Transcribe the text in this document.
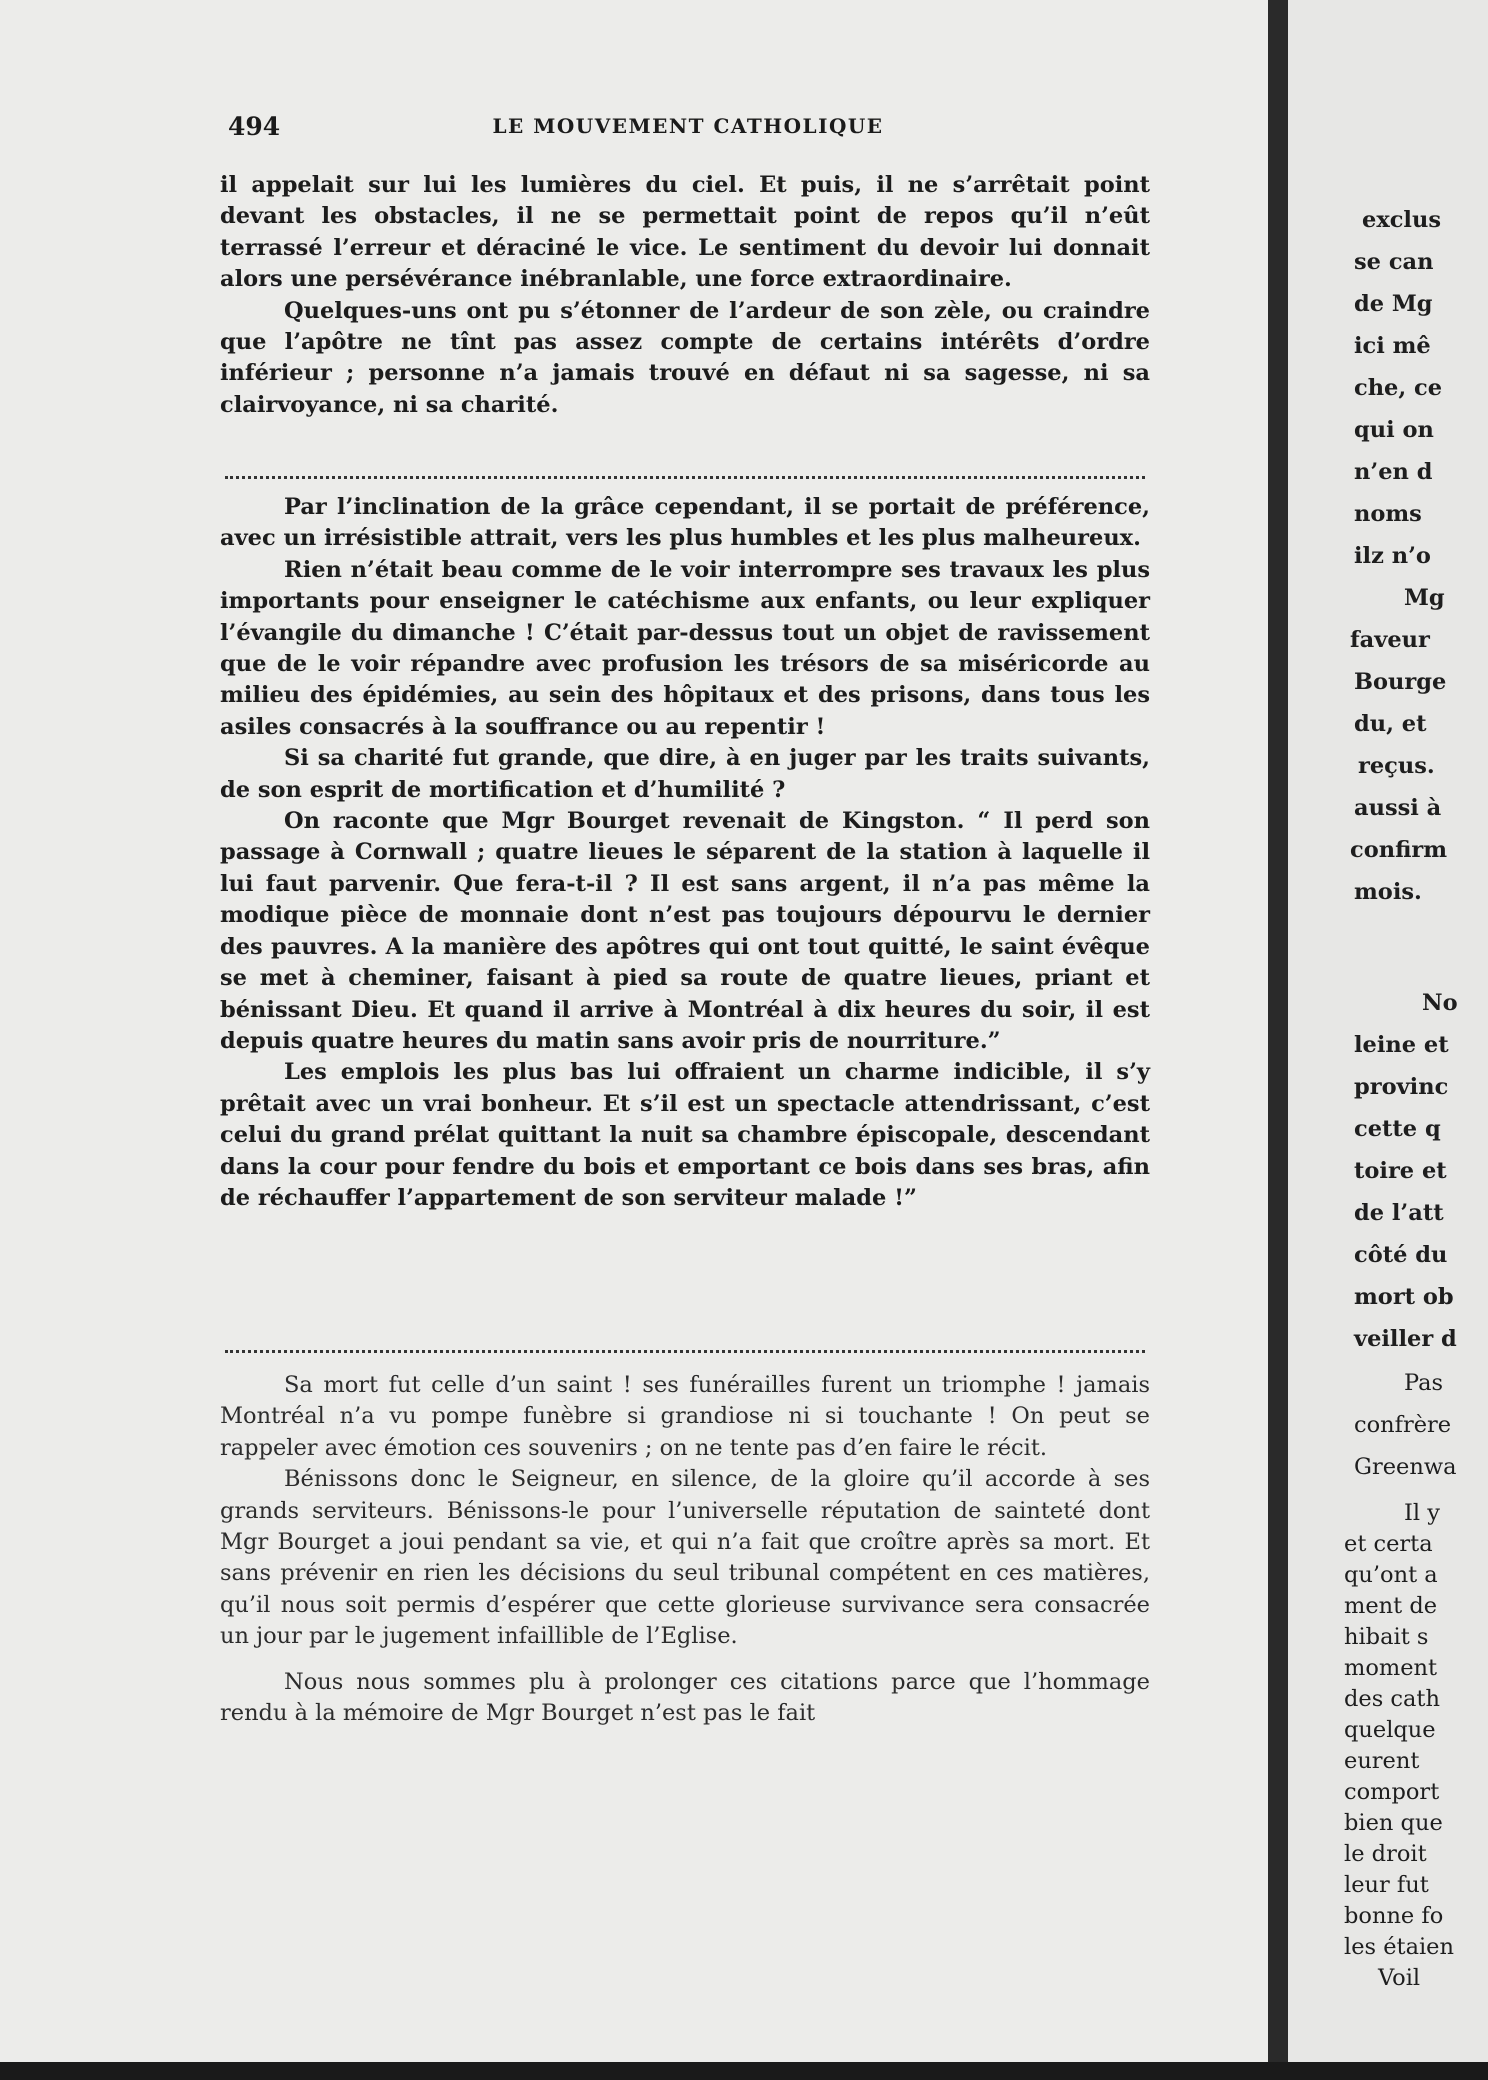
494	LE MOUVEMENT CATHOLIQUE

il appelait sur lui les lumières du ciel. Et puis, il ne s’arrêtait point devant les obstacles, il ne se permettait point de repos qu’il n’eût terrassé l’erreur et déraciné le vice. Le sentiment du devoir lui donnait alors une persévérance inébranlable, une force extraordinaire.

Quelques-uns ont pu s’étonner de l’ardeur de son zèle, ou craindre que l’apôtre ne tînt pas assez compte de certains intérêts d’ordre inférieur ; personne n’a jamais trouvé en défaut ni sa sagesse, ni sa clairvoyance, ni sa charité.

Par l’inclination de la grâce cependant, il se portait de préférence, avec un irrésistible attrait, vers les plus humbles et les plus malheureux.

Rien n’était beau comme de le voir interrompre ses travaux les plus importants pour enseigner le catéchisme aux enfants, ou leur expliquer l’évangile du dimanche ! C’était par-dessus tout un objet de ravissement que de le voir répandre avec profusion les trésors de sa miséricorde au milieu des épidémies, au sein des hôpitaux et des prisons, dans tous les asiles consacrés à la souffrance ou au repentir !

Si sa charité fut grande, que dire, à en juger par les traits suivants, de son esprit de mortification et d’humilité ?

On raconte que Mgr Bourget revenait de Kingston. “ Il perd son passage à Cornwall ; quatre lieues le séparent de la station à laquelle il lui faut parvenir. Que fera-t-il ? Il est sans argent, il n’a pas même la modique pièce de monnaie dont n’est pas toujours dépourvu le dernier des pauvres. A la manière des apôtres qui ont tout quitté, le saint évêque se met à cheminer, faisant à pied sa route de quatre lieues, priant et bénissant Dieu. Et quand il arrive à Montréal à dix heures du soir, il est depuis quatre heures du matin sans avoir pris de nourriture.”

Les emplois les plus bas lui offraient un charme indicible, il s’y prêtait avec un vrai bonheur. Et s’il est un spectacle attendrissant, c’est celui du grand prélat quittant la nuit sa chambre épiscopale, descendant dans la cour pour fendre du bois et emportant ce bois dans ses bras, afin de réchauffer l’appartement de son serviteur malade !”

Sa mort fut celle d’un saint ! ses funérailles furent un triomphe ! jamais Montréal n’a vu pompe funèbre si grandiose ni si touchante ! On peut se rappeler avec émotion ces souvenirs ; on ne tente pas d’en faire le récit.

Bénissons donc le Seigneur, en silence, de la gloire qu’il accorde à ses grands serviteurs. Bénissons-le pour l’universelle réputation de sainteté dont Mgr Bourget a joui pendant sa vie, et qui n’a fait que croître après sa mort. Et sans prévenir en rien les décisions du seul tribunal compétent en ces matières, qu’il nous soit permis d’espérer que cette glorieuse survivance sera consacrée un jour par le jugement infaillible de l’Eglise.

Nous nous sommes plu à prolonger ces citations parce que l’hommage rendu à la mémoire de Mgr Bourget n’est pas le fait

exclus
se can
de Mg
ici mê
che, ce
qui on
n’en d
noms
ilz n’o
Mg
faveur
Bourge
du, et
reçus.
aussi à
confirm
mois.
No
leine et
provinc
cette q
toire et
de l’att
côté du
mort ob
veiller d
Pas
confrère
Greenwa
Il y
et certa
qu’ont a
ment de
hibait s
moment
des cath
quelque
eurent
comport
bien que
le droit
leur fut
bonne fo
les étaien
Voil
